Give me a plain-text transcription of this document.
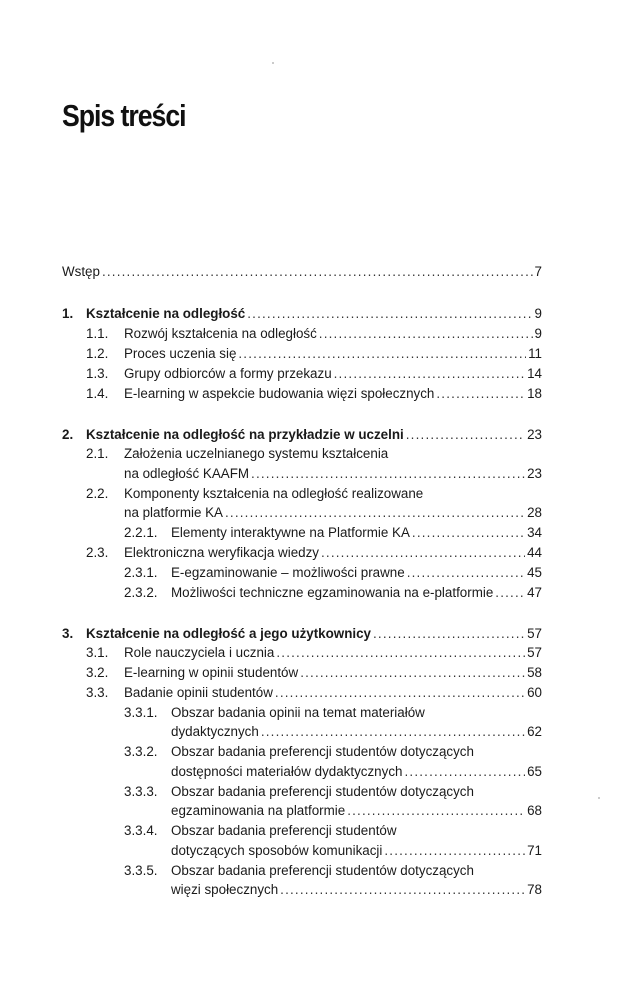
Spis treści
Wstęp .....	7
1. Kształcenie na odległość .....	9
1.1.	Rozwój kształcenia na odległość .....	9
1.2.	Proces uczenia się .....	11
1.3.	Grupy odbiorców a formy przekazu .....	14
1.4.	E-learning w aspekcie budowania więzi społecznych .....	18
2. Kształcenie na odległość na przykładzie w uczelni .....	23
2.1.	Założenia uczelnianego systemu kształcenia
na odległość KAAFM .....	23
2.2.	Komponenty kształcenia na odległość realizowane
na platformie KA .....	28
2.2.1.	Elementy interaktywne na Platformie KA .....	34
2.3.	Elektroniczna weryfikacja wiedzy .....	44
2.3.1.	E-egzaminowanie – możliwości prawne .....	45
2.3.2.	Możliwości techniczne egzaminowania na e-platformie .....	47
3. Kształcenie na odległość a jego użytkownicy .....	57
3.1.	Role nauczyciela i ucznia .....	57
3.2.	E-learning w opinii studentów .....	58
3.3.	Badanie opinii studentów .....	60
3.3.1.	Obszar badania opinii na temat materiałów
dydaktycznych .....	62
3.3.2.	Obszar badania preferencji studentów dotyczących
dostępności materiałów dydaktycznych .....	65
3.3.3.	Obszar badania preferencji studentów dotyczących
egzaminowania na platformie .....	68
3.3.4.	Obszar badania preferencji studentów
dotyczących sposobów komunikacji .....	71
3.3.5.	Obszar badania preferencji studentów dotyczących
więzi społecznych .....	78
